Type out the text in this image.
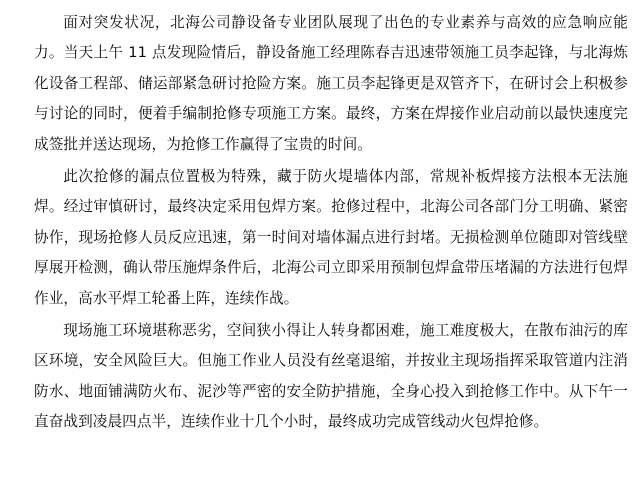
面对突发状况，北海公司静设备专业团队展现了出色的专业素养与高效的应急响应能力。当天上午 11 点发现险情后，静设备施工经理陈春吉迅速带领施工员李起锋，与北海炼化设备工程部、储运部紧急研讨抢险方案。施工员李起锋更是双管齐下，在研讨会上积极参与讨论的同时，便着手编制抢修专项施工方案。最终，方案在焊接作业启动前以最快速度完成签批并送达现场，为抢修工作赢得了宝贵的时间。

此次抢修的漏点位置极为特殊，藏于防火堤墙体内部，常规补板焊接方法根本无法施焊。经过审慎研讨，最终决定采用包焊方案。抢修过程中，北海公司各部门分工明确、紧密协作，现场抢修人员反应迅速，第一时间对墙体漏点进行封堵。无损检测单位随即对管线壁厚展开检测，确认带压施焊条件后，北海公司立即采用预制包焊盒带压堵漏的方法进行包焊作业，高水平焊工轮番上阵，连续作战。

现场施工环境堪称恶劣，空间狭小得让人转身都困难，施工难度极大，在散布油污的库区环境，安全风险巨大。但施工作业人员没有丝毫退缩，并按业主现场指挥采取管道内注消防水、地面铺满防火布、泥沙等严密的安全防护措施，全身心投入到抢修工作中。从下午一直奋战到凌晨四点半，连续作业十几个小时，最终成功完成管线动火包焊抢修。
